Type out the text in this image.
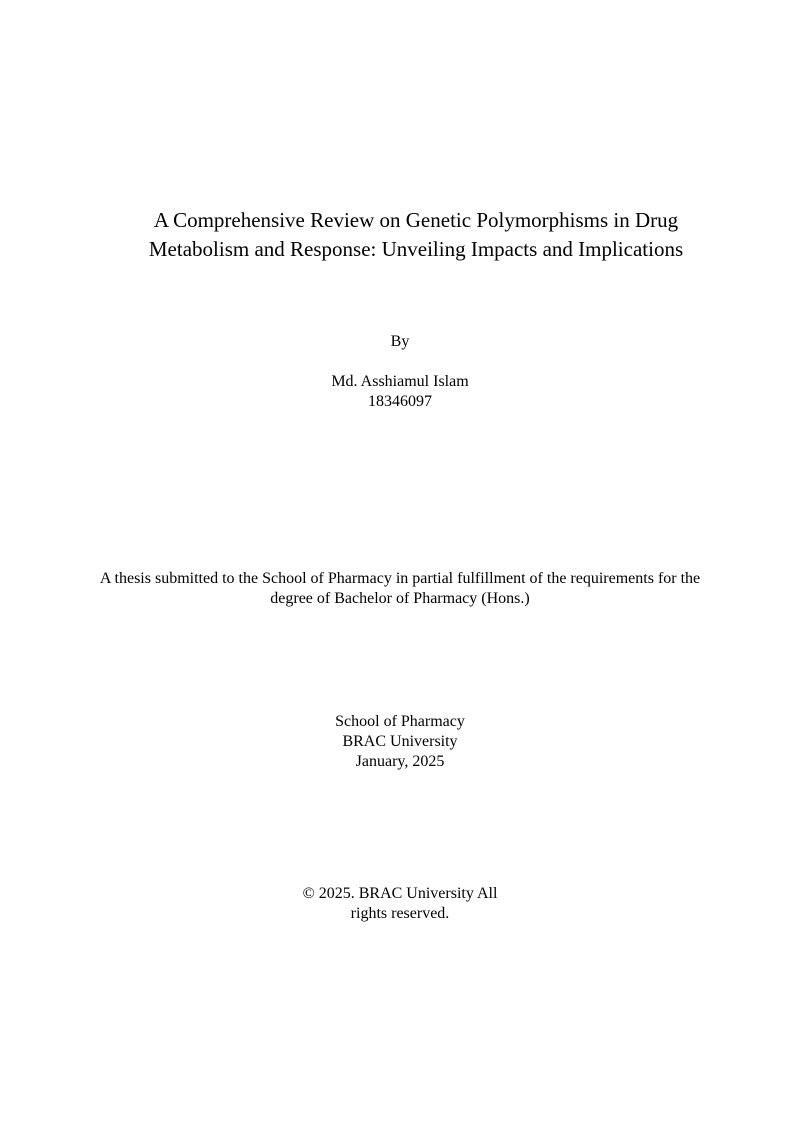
A Comprehensive Review on Genetic Polymorphisms in Drug
Metabolism and Response: Unveiling Impacts and Implications
By
Md. Asshiamul Islam
18346097
A thesis submitted to the School of Pharmacy in partial fulfillment of the requirements for the
degree of Bachelor of Pharmacy (Hons.)
School of Pharmacy
BRAC University
January, 2025
© 2025. BRAC University All
rights reserved.
